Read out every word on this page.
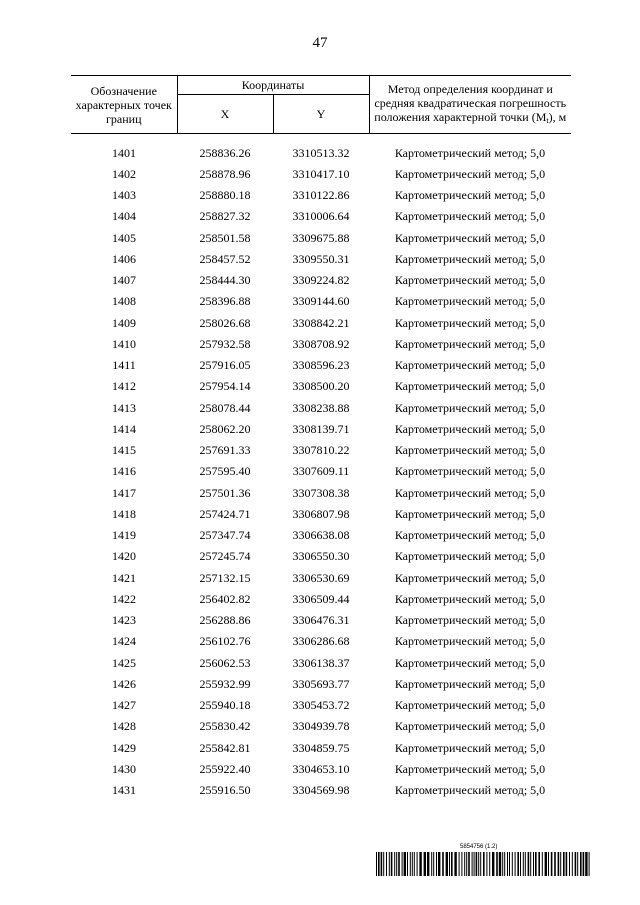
47
Обозначение характерных точек границ	Координаты		Метод определения координат и средняя квадратическая погрешность положения характерной точки $(M_t)$, м
	X	Y	

1401	258836.26	3310513.32	Картометрический метод; 5,0
1402	258878.96	3310417.10	Картометрический метод; 5,0
1403	258880.18	3310122.86	Картометрический метод; 5,0
1404	258827.32	3310006.64	Картометрический метод; 5,0
1405	258501.58	3309675.88	Картометрический метод; 5,0
1406	258457.52	3309550.31	Картометрический метод; 5,0
1407	258444.30	3309224.82	Картометрический метод; 5,0
1408	258396.88	3309144.60	Картометрический метод; 5,0
1409	258026.68	3308842.21	Картометрический метод; 5,0
1410	257932.58	3308708.92	Картометрический метод; 5,0
1411	257916.05	3308596.23	Картометрический метод; 5,0
1412	257954.14	3308500.20	Картометрический метод; 5,0
1413	258078.44	3308238.88	Картометрический метод; 5,0
1414	258062.20	3308139.71	Картометрический метод; 5,0
1415	257691.33	3307810.22	Картометрический метод; 5,0
1416	257595.40	3307609.11	Картометрический метод; 5,0
1417	257501.36	3307308.38	Картометрический метод; 5,0
1418	257424.71	3306807.98	Картометрический метод; 5,0
1419	257347.74	3306638.08	Картометрический метод; 5,0
1420	257245.74	3306550.30	Картометрический метод; 5,0
1421	257132.15	3306530.69	Картометрический метод; 5,0
1422	256402.82	3306509.44	Картометрический метод; 5,0
1423	256288.86	3306476.31	Картометрический метод; 5,0
1424	256102.76	3306286.68	Картометрический метод; 5,0
1425	256062.53	3306138.37	Картометрический метод; 5,0
1426	255932.99	3305693.77	Картометрический метод; 5,0
1427	255940.18	3305453.72	Картометрический метод; 5,0
1428	255830.42	3304939.78	Картометрический метод; 5,0
1429	255842.81	3304859.75	Картометрический метод; 5,0
1430	255922.40	3304653.10	Картометрический метод; 5,0
1431	255916.50	3304569.98	Картометрический метод; 5,0
5854756 (1.2)
